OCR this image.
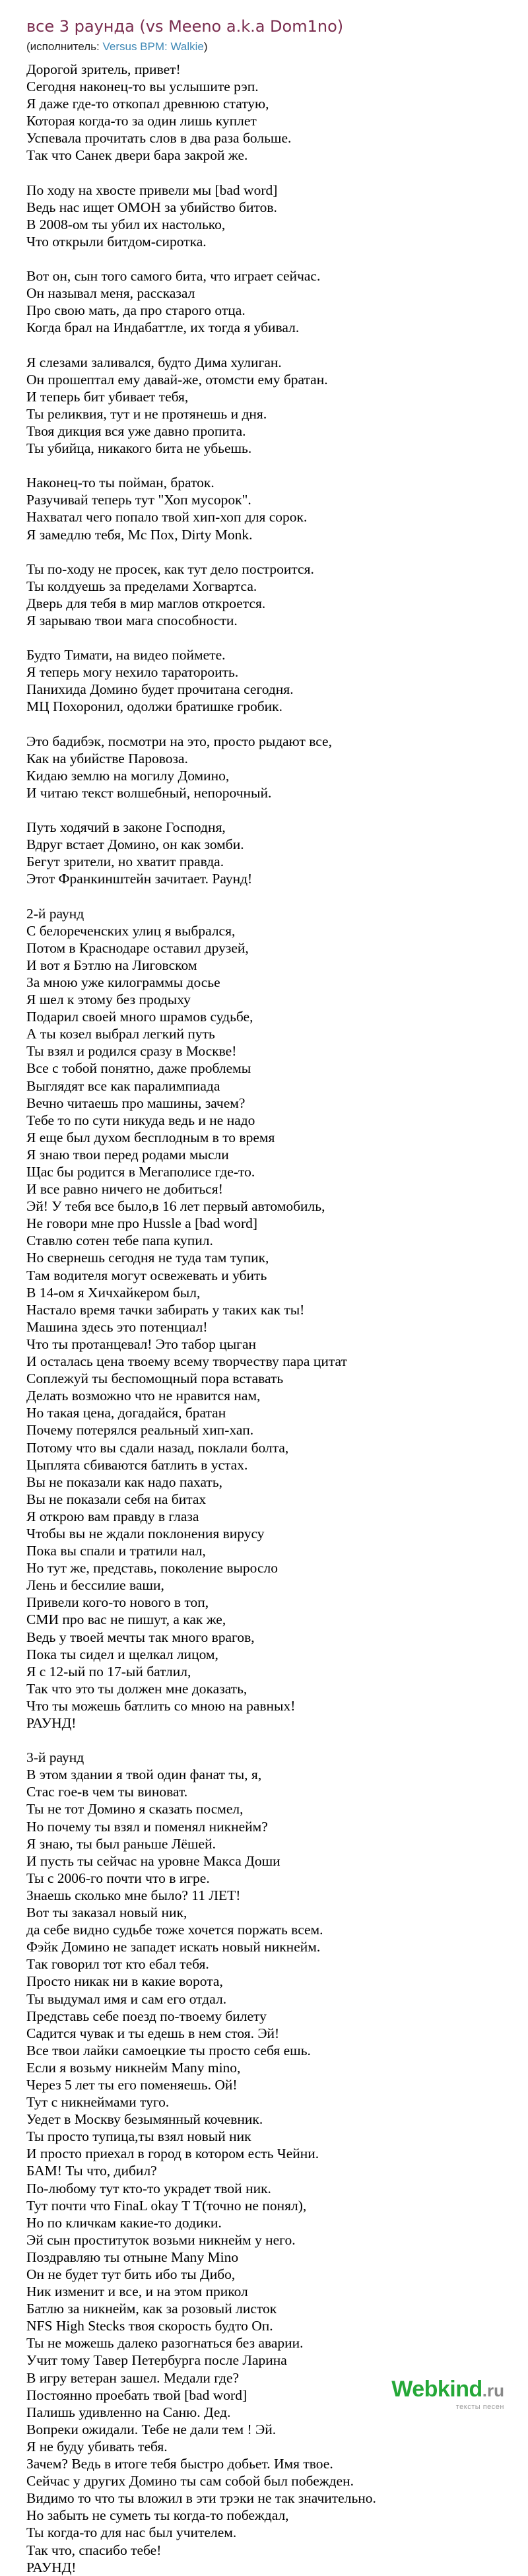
все 3 раунда (vs Meeno a.k.a Dom1no)

(исполнитель: Versus BPM: Walkie)

Дорогой зритель, привет!
Сегодня наконец-то вы услышите рэп.
Я даже где-то откопал древнюю статую,
Которая когда-то за один лишь куплет
Успевала прочитать слов в два раза больше.
Так что Санек двери бара закрой же.

По ходу на хвосте привели мы [bad word]
Ведь нас ищет ОМОН за убийство битов.
В 2008-ом ты убил их настолько,
Что открыли битдом-сиротка.

Вот он, сын того самого бита, что играет сейчас.
Он называл меня, рассказал
Про свою мать, да про старого отца.
Когда брал на Индабаттле, их тогда я убивал.

Я слезами заливался, будто Дима хулиган.
Он прошептал ему давай-же, отомсти ему братан.
И теперь бит убивает тебя,
Ты реликвия, тут и не протянешь и дня.
Твоя дикция вся уже давно пропита.
Ты убийца, никакого бита не убьешь.

Наконец-то ты пойман, браток.
Разучивай теперь тут "Хоп мусорок".
Нахватал чего попало твой хип-хоп для сорок.
Я замедлю тебя, Мс Пох, Dirty Monk.

Ты по-ходу не просек, как тут дело построится.
Ты колдуешь за пределами Хогвартса.
Дверь для тебя в мир маглов откроется.
Я зарываю твои мага способности.

Будто Тимати, на видео поймете.
Я теперь могу нехило таратороить.
Панихида Домино будет прочитана сегодня.
МЦ Похоронил, одолжи братишке гробик.

Это бадибэк, посмотри на это, просто рыдают все,
Как на убийстве Паровоза.
Кидаю землю на могилу Домино,
И читаю текст волшебный, непорочный.

Путь ходячий в законе Господня,
Вдруг встает Домино, он как зомби.
Бегут зрители, но хватит правда.
Этот Франкинштейн зачитает. Раунд!

2-й раунд
С белореченских улиц я выбрался,
Потом в Краснодаре оставил друзей,
И вот я Бэтлю на Лиговском
За мною уже килограммы досье
Я шел к этому без продыху
Подарил своей много шрамов судьбе,
А ты козел выбрал легкий путь
Ты взял и родился сразу в Москве!
Все с тобой понятно, даже проблемы
Выглядят все как паралимпиада
Вечно читаешь про машины, зачем?
Тебе то по сути никуда ведь и не надо
Я еще был духом бесплодным в то время
Я знаю твои перед родами мысли
Щас бы родится в Мегаполисе где-то.
И все равно ничего не добиться!
Эй! У тебя все было,в 16 лет первый автомобиль,
Не говори мне про Hussle а [bad word]
Ставлю сотен тебе папа купил.
Но свернешь сегодня не туда там тупик,
Там водителя могут освежевать и убить
В 14-ом я Хичхайкером был,
Настало время тачки забирать у таких как ты!
Машина здесь это потенциал!
Что ты протанцевал! Это табор цыган
И осталась цена твоему всему творчеству пара цитат
Соплежуй ты беспомощный пора вставать
Делать возможно что не нравится нам,
Но такая цена, догадайся, братан
Почему потерялся реальный хип-хап.
Потому что вы сдали назад, поклали болта,
Цыплята сбиваются батлить в устах.
Вы не показали как надо пахать,
Вы не показали себя на битах
Я открою вам правду в глаза
Чтобы вы не ждали поклонения вирусу
Пока вы спали и тратили нал,
Но тут же, представь, поколение выросло
Лень и бессилие ваши,
Привели кого-то нового в топ,
СМИ про вас не пишут, а как же,
Ведь у твоей мечты так много врагов,
Пока ты сидел и щелкал лицом,
Я с 12-ый по 17-ый батлил,
Так что это ты должен мне доказать,
Что ты можешь батлить со мною на равных!
РАУНД!

3-й раунд
В этом здании я твой один фанат ты, я,
Стас гое-в чем ты виноват.
Ты не тот Домино я сказать посмел,
Но почему ты взял и поменял никнейм?
Я знаю, ты был раньше Лёшей.
И пусть ты сейчас на уровне Макса Доши
Ты с 2006-го почти что в игре.
Знаешь сколько мне было? 11 ЛЕТ!
Вот ты заказал новый ник,
да себе видно судьбе тоже хочется поржать всем.
Фэйк Домино не западет искать новый никнейм.
Так говорил тот кто ебал тебя.
Просто никак ни в какие ворота,
Ты выдумал имя и сам его отдал.
Представь себе поезд по-твоему билету
Садится чувак и ты едешь в нем стоя. Эй!
Все твои лайки самоецкие ты просто себя ешь.
Если я возьму никнейм Many mino,
Через 5 лет ты его поменяешь. Ой!
Тут с никнеймами туго.
Уедет в Москву безымянный кочевник.
Ты просто тупица,ты взял новый ник
И просто приехал в город в котором есть Чейни.
БАМ! Ты что, дибил?
По-любому тут кто-то украдет твой ник.
Тут почти что FinaL okay T T(точно не понял),
Но по кличкам какие-то додики.
Эй сын проституток возьми никнейм у него.
Поздравляю ты отныне Many Mino
Он не будет тут бить ибо ты Дибо,
Ник изменит и все, и на этом прикол
Батлю за никнейм, как за розовый листок
NFS High Stecks твоя скорость будто Оп.
Ты не можешь далеко разогнаться без аварии.
Учит тому Тавер Петербурга после Ларина
В игру ветеран зашел. Медали где?
Постоянно проебать твой [bad word]
Палишь удивленно на Саню. Дед.
Вопреки ожидали. Тебе не дали тем ! Эй.
Я не буду убивать тебя.
Зачем? Ведь в итоге тебя быстро добьет. Имя твое.
Сейчас у других Домино ты сам собой был побежден.
Видимо то что ты вложил в эти трэки не так значительно.
Но забыть не суметь ты когда-то побеждал,
Ты когда-то для нас был учителем.
Так что, спасибо тебе!
РАУНД!
Webkind .ru
тексты песен
